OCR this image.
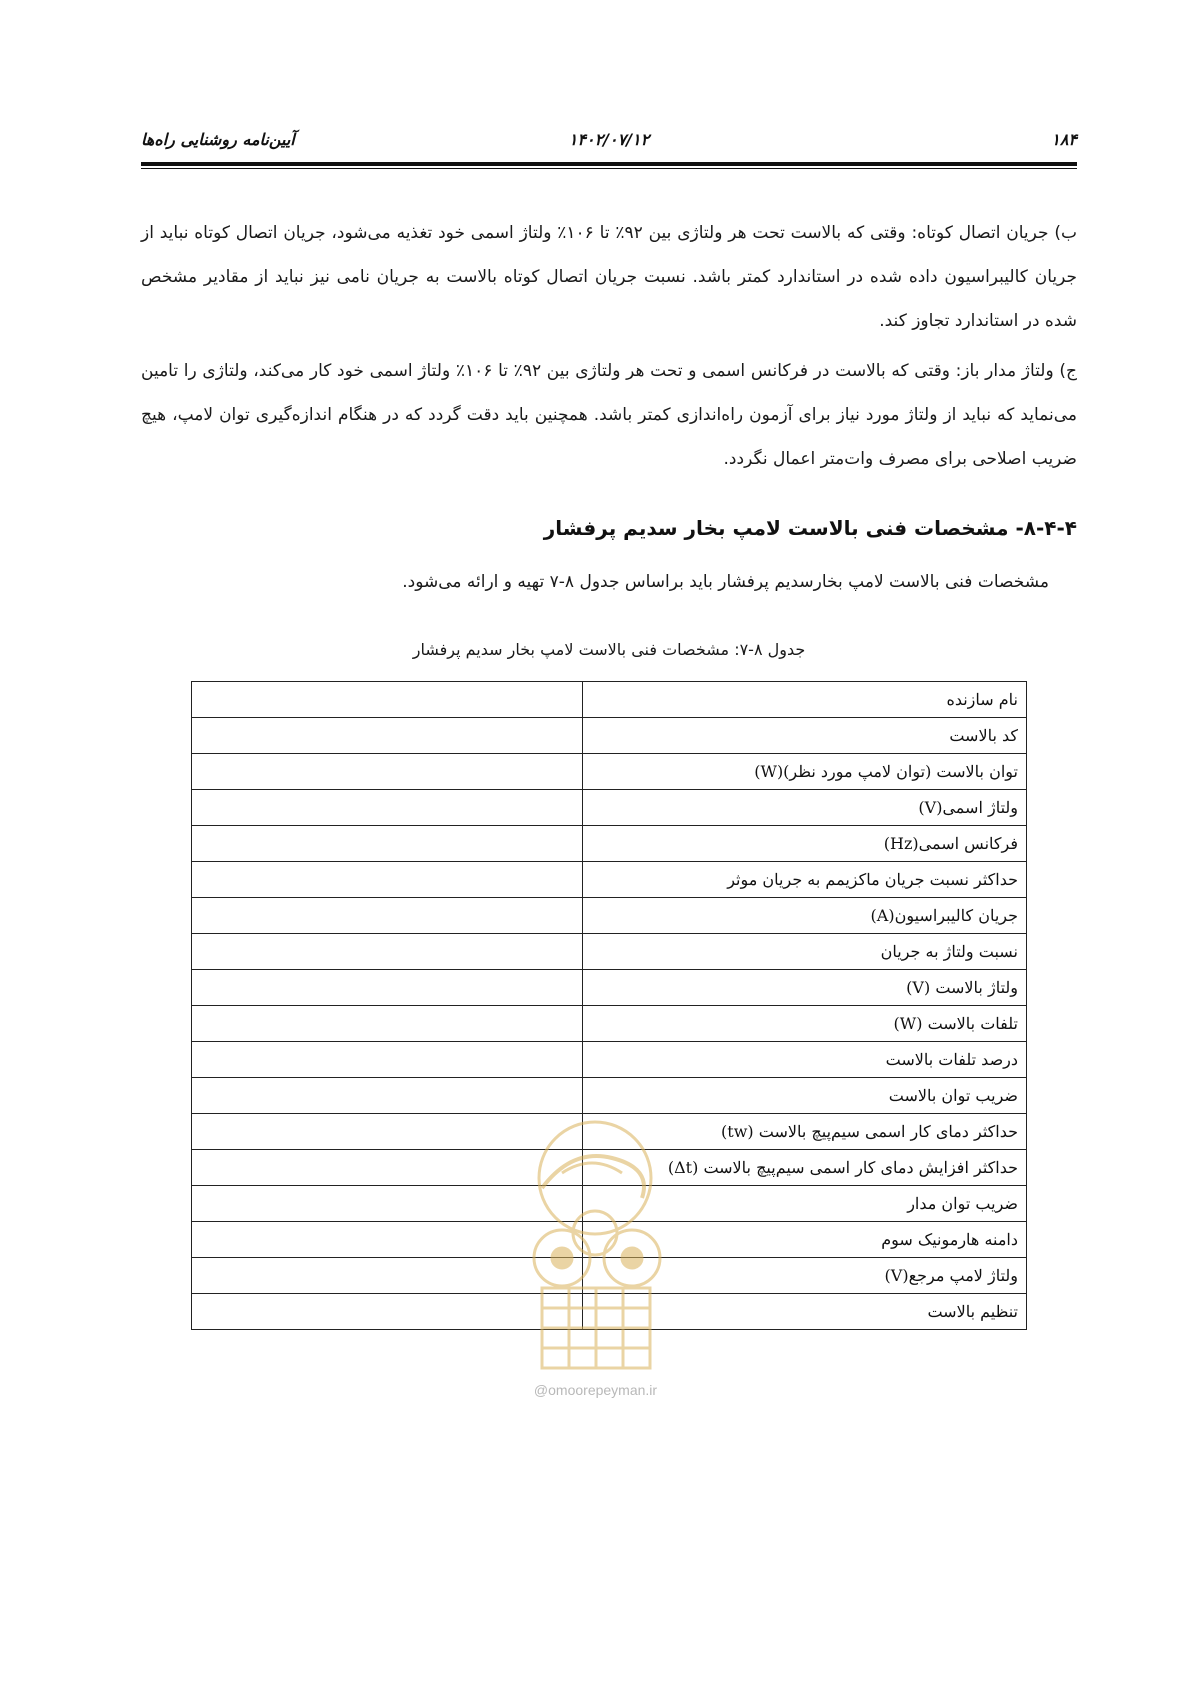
۱۸۴
۱۴۰۲/۰۷/۱۲
آیین‌نامه روشنایی راه‌ها

ب) جریان اتصال کوتاه: وقتی که بالاست تحت هر ولتاژی بین ۹۲٪ تا ۱۰۶٪ ولتاژ اسمی خود تغذیه می‌شود، جریان اتصال کوتاه نباید از جریان کالیبراسیون داده شده در استاندارد کمتر باشد. نسبت جریان اتصال کوتاه بالاست به جریان نامی نیز نباید از مقادیر مشخص شده در استاندارد تجاوز کند.

ج) ولتاژ مدار باز: وقتی که بالاست در فرکانس اسمی و تحت هر ولتاژی بین ۹۲٪ تا ۱۰۶٪ ولتاژ اسمی خود کار می‌کند، ولتاژی را تامین می‌نماید که نباید از ولتاژ مورد نیاز برای آزمون راه‌اندازی کمتر باشد. همچنین باید دقت گردد که در هنگام اندازه‌گیری توان لامپ، هیچ ضریب اصلاحی برای مصرف وات‌متر اعمال نگردد.

۸-۴-۴- مشخصات فنی بالاست لامپ بخار سدیم پرفشار
مشخصات فنی بالاست لامپ بخارسدیم پرفشار باید براساس جدول ۸-۷ تهیه و ارائه می‌شود.
جدول ۸-۷: مشخصات فنی بالاست لامپ بخار سدیم پرفشار
نام سازنده	
کد بالاست	
توان بالاست (توان لامپ مورد نظر)(W)	
ولتاژ اسمی(V)	
فرکانس اسمی(Hz)	
حداکثر نسبت جریان ماکزیمم به جریان موثر	
جریان کالیبراسیون(A)	
نسبت ولتاژ به جریان	
ولتاژ بالاست (V)	
تلفات بالاست (W)	
درصد تلفات بالاست	
ضریب توان بالاست	
حداکثر دمای کار اسمی سیم‌پیچ بالاست (tw)	
حداکثر افزایش دمای کار اسمی سیم‌پیچ بالاست (Δt)	
ضریب توان مدار	
دامنه هارمونیک سوم	
ولتاژ لامپ مرجع(V)	
تنظیم بالاست	
@omoorepeyman.ir
